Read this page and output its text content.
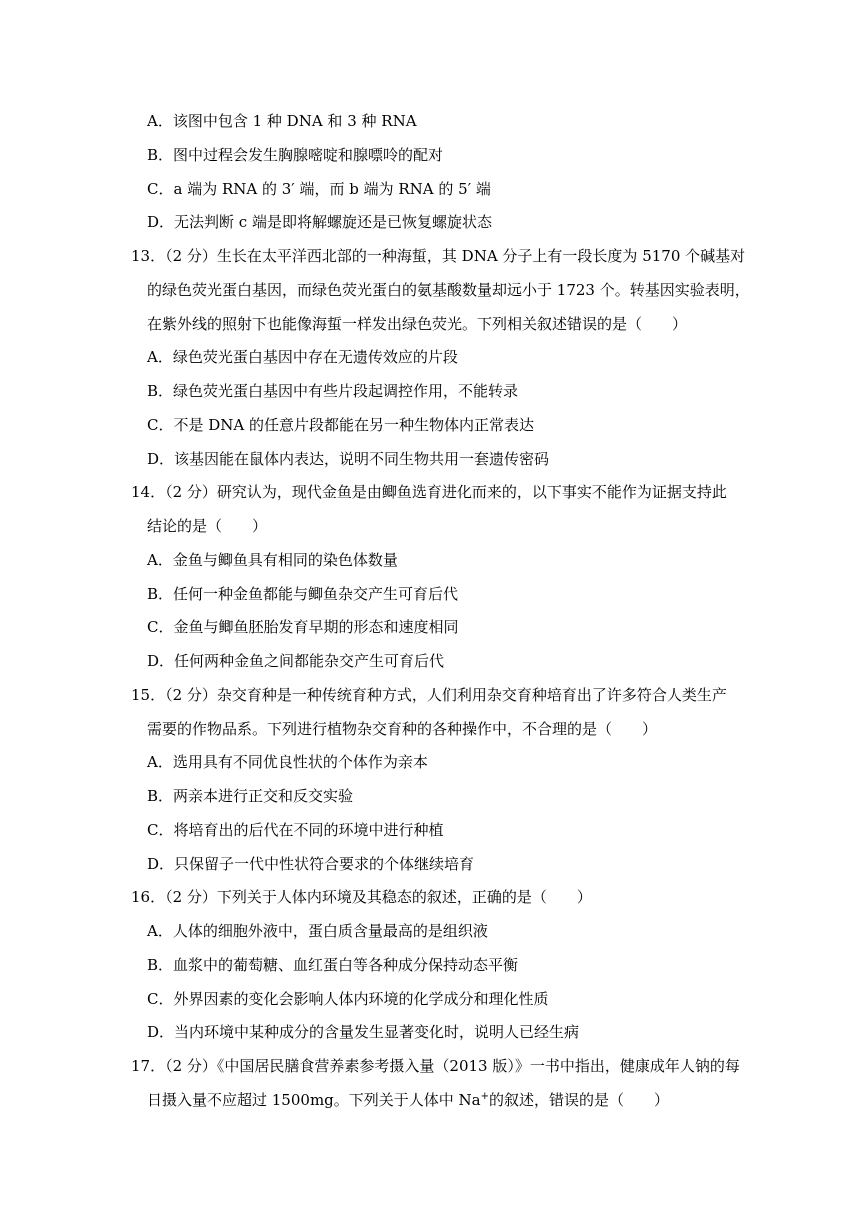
A．该图中包含 1 种 DNA 和 3 种 RNA
B．图中过程会发生胸腺嘧啶和腺嘌呤的配对
C．a 端为 RNA 的 3′ 端，而 b 端为 RNA 的 5′ 端
D．无法判断 c 端是即将解螺旋还是已恢复螺旋状态
13．（2 分）生长在太平洋西北部的一种海蜇，其 DNA 分子上有一段长度为 5170 个碱基对
的绿色荧光蛋白基因，而绿色荧光蛋白的氨基酸数量却远小于 1723 个。转基因实验表明，
在紫外线的照射下也能像海蜇一样发出绿色荧光。下列相关叙述错误的是（　　）
A．绿色荧光蛋白基因中存在无遗传效应的片段
B．绿色荧光蛋白基因中有些片段起调控作用，不能转录
C．不是 DNA 的任意片段都能在另一种生物体内正常表达
D．该基因能在鼠体内表达，说明不同生物共用一套遗传密码
14．（2 分）研究认为，现代金鱼是由鲫鱼选育进化而来的，以下事实不能作为证据支持此
结论的是（　　）
A．金鱼与鲫鱼具有相同的染色体数量
B．任何一种金鱼都能与鲫鱼杂交产生可育后代
C．金鱼与鲫鱼胚胎发育早期的形态和速度相同
D．任何两种金鱼之间都能杂交产生可育后代
15．（2 分）杂交育种是一种传统育种方式，人们利用杂交育种培育出了许多符合人类生产
需要的作物品系。下列进行植物杂交育种的各种操作中，不合理的是（　　）
A．选用具有不同优良性状的个体作为亲本
B．两亲本进行正交和反交实验
C．将培育出的后代在不同的环境中进行种植
D．只保留子一代中性状符合要求的个体继续培育
16．（2 分）下列关于人体内环境及其稳态的叙述，正确的是（　　）
A．人体的细胞外液中，蛋白质含量最高的是组织液
B．血浆中的葡萄糖、血红蛋白等各种成分保持动态平衡
C．外界因素的变化会影响人体内环境的化学成分和理化性质
D．当内环境中某种成分的含量发生显著变化时，说明人已经生病
17．（2 分）《中国居民膳食营养素参考摄入量（2013 版）》一书中指出，健康成年人钠的每
日摄入量不应超过 1500mg。下列关于人体中 Na+的叙述，错误的是（　　）
